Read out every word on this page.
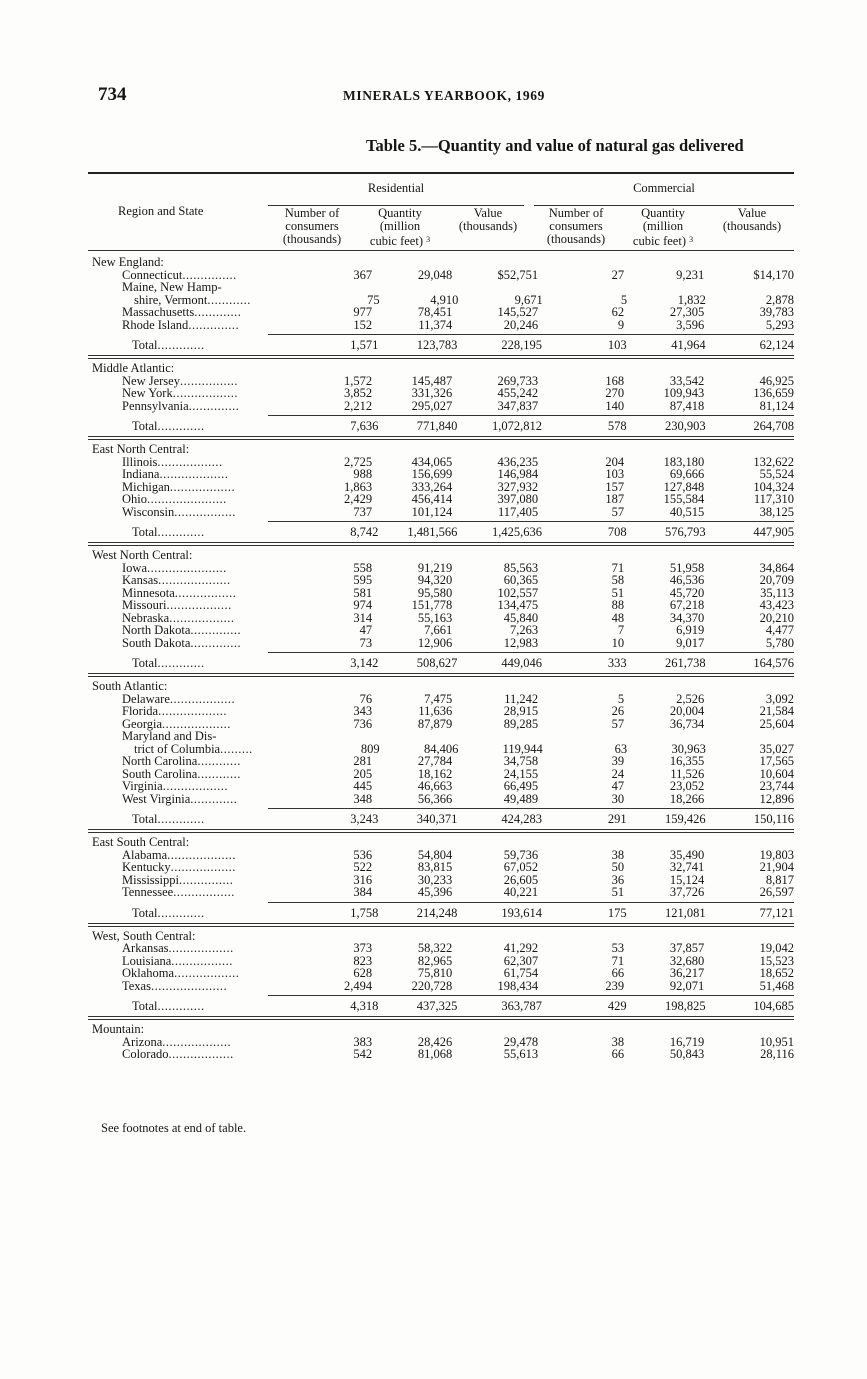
734	MINERALS YEARBOOK, 1969
Table 5.—Quantity and value of natural gas delivered
Region and State
Residential	Commercial
Number of
consumers
(thousands)
Quantity
(million
cubic feet) $^3$
Value
(thousands)
Number of
consumers
(thousands)
Quantity
(million
cubic feet) $^3$
Value
(thousands)
New England:
Connecticut...............	367	29,048	$52,751	27	9,231	$14,170
Maine, New Hamp-
shire, Vermont............	75	4,910	9,671	5	1,832	2,878
Massachusetts.............	977	78,451	145,527	62	27,305	39,783
Rhode Island..............	152	11,374	20,246	9	3,596	5,293
Total.............	1,571	123,783	228,195	103	41,964	62,124
Middle Atlantic:
New Jersey................	1,572	145,487	269,733	168	33,542	46,925
New York..................	3,852	331,326	455,242	270	109,943	136,659
Pennsylvania..............	2,212	295,027	347,837	140	87,418	81,124
Total.............	7,636	771,840	1,072,812	578	230,903	264,708
East North Central:
Illinois..................	2,725	434,065	436,235	204	183,180	132,622
Indiana...................	988	156,699	146,984	103	69,666	55,524
Michigan..................	1,863	333,264	327,932	157	127,848	104,324
Ohio......................	2,429	456,414	397,080	187	155,584	117,310
Wisconsin.................	737	101,124	117,405	57	40,515	38,125
Total.............	8,742	1,481,566	1,425,636	708	576,793	447,905
West North Central:
Iowa......................	558	91,219	85,563	71	51,958	34,864
Kansas....................	595	94,320	60,365	58	46,536	20,709
Minnesota.................	581	95,580	102,557	51	45,720	35,113
Missouri..................	974	151,778	134,475	88	67,218	43,423
Nebraska..................	314	55,163	45,840	48	34,370	20,210
North Dakota..............	47	7,661	7,263	7	6,919	4,477
South Dakota..............	73	12,906	12,983	10	9,017	5,780
Total.............	3,142	508,627	449,046	333	261,738	164,576
South Atlantic:
Delaware..................	76	7,475	11,242	5	2,526	3,092
Florida...................	343	11,636	28,915	26	20,004	21,584
Georgia...................	736	87,879	89,285	57	36,734	25,604
Maryland and Dis-
trict of Columbia.........	809	84,406	119,944	63	30,963	35,027
North Carolina............	281	27,784	34,758	39	16,355	17,565
South Carolina............	205	18,162	24,155	24	11,526	10,604
Virginia..................	445	46,663	66,495	47	23,052	23,744
West Virginia.............	348	56,366	49,489	30	18,266	12,896
Total.............	3,243	340,371	424,283	291	159,426	150,116
East South Central:
Alabama...................	536	54,804	59,736	38	35,490	19,803
Kentucky..................	522	83,815	67,052	50	32,741	21,904
Mississippi...............	316	30,233	26,605	36	15,124	8,817
Tennessee.................	384	45,396	40,221	51	37,726	26,597
Total.............	1,758	214,248	193,614	175	121,081	77,121
West, South Central:
Arkansas..................	373	58,322	41,292	53	37,857	19,042
Louisiana.................	823	82,965	62,307	71	32,680	15,523
Oklahoma..................	628	75,810	61,754	66	36,217	18,652
Texas.....................	2,494	220,728	198,434	239	92,071	51,468
Total.............	4,318	437,325	363,787	429	198,825	104,685
Mountain:
Arizona...................	383	28,426	29,478	38	16,719	10,951
Colorado..................	542	81,068	55,613	66	50,843	28,116
See footnotes at end of table.
